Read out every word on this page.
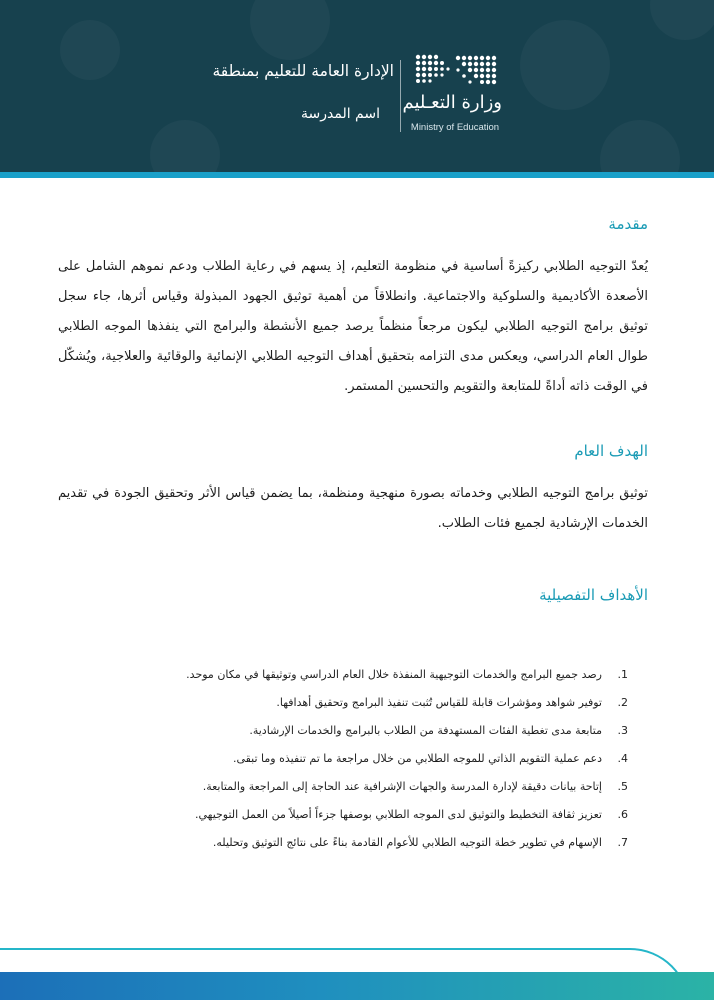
وزارة التعـليم
Ministry of Education
الإدارة العامة للتعليم بمنطقة
اسم المدرسة
مقدمة

يُعدّ التوجيه الطلابي ركيزةً أساسية في منظومة التعليم، إذ يسهم في رعاية الطلاب ودعم نموهم الشامل على الأصعدة الأكاديمية والسلوكية والاجتماعية. وانطلاقاً من أهمية توثيق الجهود المبذولة وقياس أثرها، جاء سجل توثيق برامج التوجيه الطلابي ليكون مرجعاً منظماً يرصد جميع الأنشطة والبرامج التي ينفذها الموجه الطلابي طوال العام الدراسي، ويعكس مدى التزامه بتحقيق أهداف التوجيه الطلابي الإنمائية والوقائية والعلاجية، ويُشكّل في الوقت ذاته أداةً للمتابعة والتقويم والتحسين المستمر.

الهدف العام

توثيق برامج التوجيه الطلابي وخدماته بصورة منهجية ومنظمة، بما يضمن قياس الأثر وتحقيق الجودة في تقديم الخدمات الإرشادية لجميع فئات الطلاب.

الأهداف التفصيلية
1.
رصد جميع البرامج والخدمات التوجيهية المنفذة خلال العام الدراسي وتوثيقها في مكان موحد.
2.
توفير شواهد ومؤشرات قابلة للقياس تُثبت تنفيذ البرامج وتحقيق أهدافها.
3.
متابعة مدى تغطية الفئات المستهدفة من الطلاب بالبرامج والخدمات الإرشادية.
4.
دعم عملية التقويم الذاتي للموجه الطلابي من خلال مراجعة ما تم تنفيذه وما تبقى.
5.
إتاحة بيانات دقيقة لإدارة المدرسة والجهات الإشرافية عند الحاجة إلى المراجعة والمتابعة.
6.
تعزيز ثقافة التخطيط والتوثيق لدى الموجه الطلابي بوصفها جزءاً أصيلاً من العمل التوجيهي.
7.
الإسهام في تطوير خطة التوجيه الطلابي للأعوام القادمة بناءً على نتائج التوثيق وتحليله.
